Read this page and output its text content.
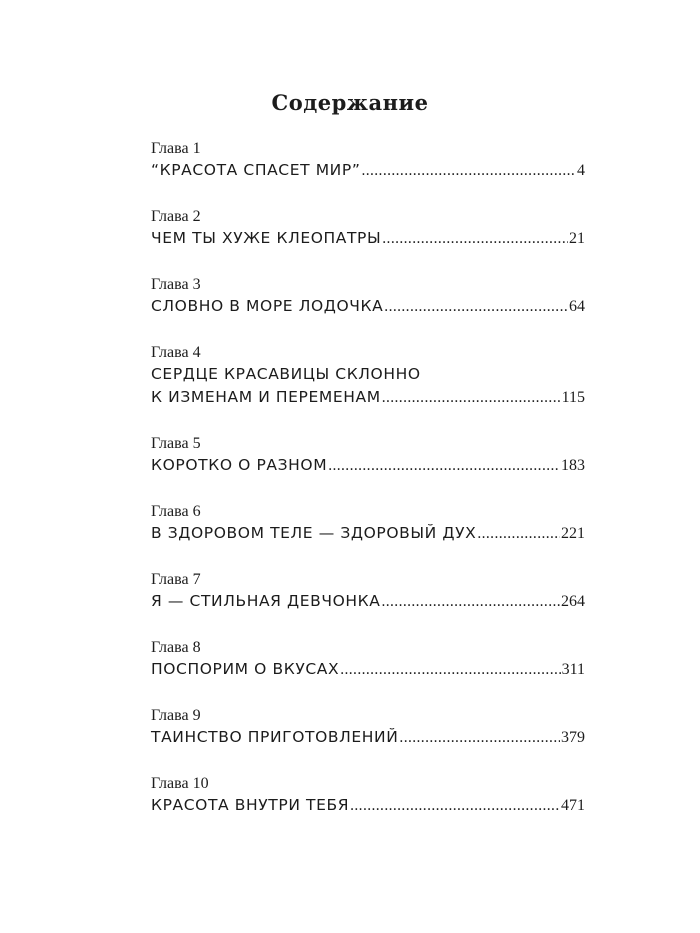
Содержание
Глава 1
“КРАСОТА СПАСЕТ МИР” .....	4
Глава 2
ЧЕМ ТЫ ХУЖЕ КЛЕОПАТРЫ .....	21
Глава 3
СЛОВНО В МОРЕ ЛОДОЧКА .....	64
Глава 4
СЕРДЦЕ КРАСАВИЦЫ СКЛОННО
К ИЗМЕНАМ И ПЕРЕМЕНАМ .....	115
Глава 5
КОРОТКО О РАЗНОМ .....	183
Глава 6
В ЗДОРОВОМ ТЕЛЕ — ЗДОРОВЫЙ ДУХ .....	221
Глава 7
Я — СТИЛЬНАЯ ДЕВЧОНКА .....	264
Глава 8
ПОСПОРИМ О ВКУСАХ .....	311
Глава 9
ТАИНСТВО ПРИГОТОВЛЕНИЙ .....	379
Глава 10
КРАСОТА ВНУТРИ ТЕБЯ .....	471
